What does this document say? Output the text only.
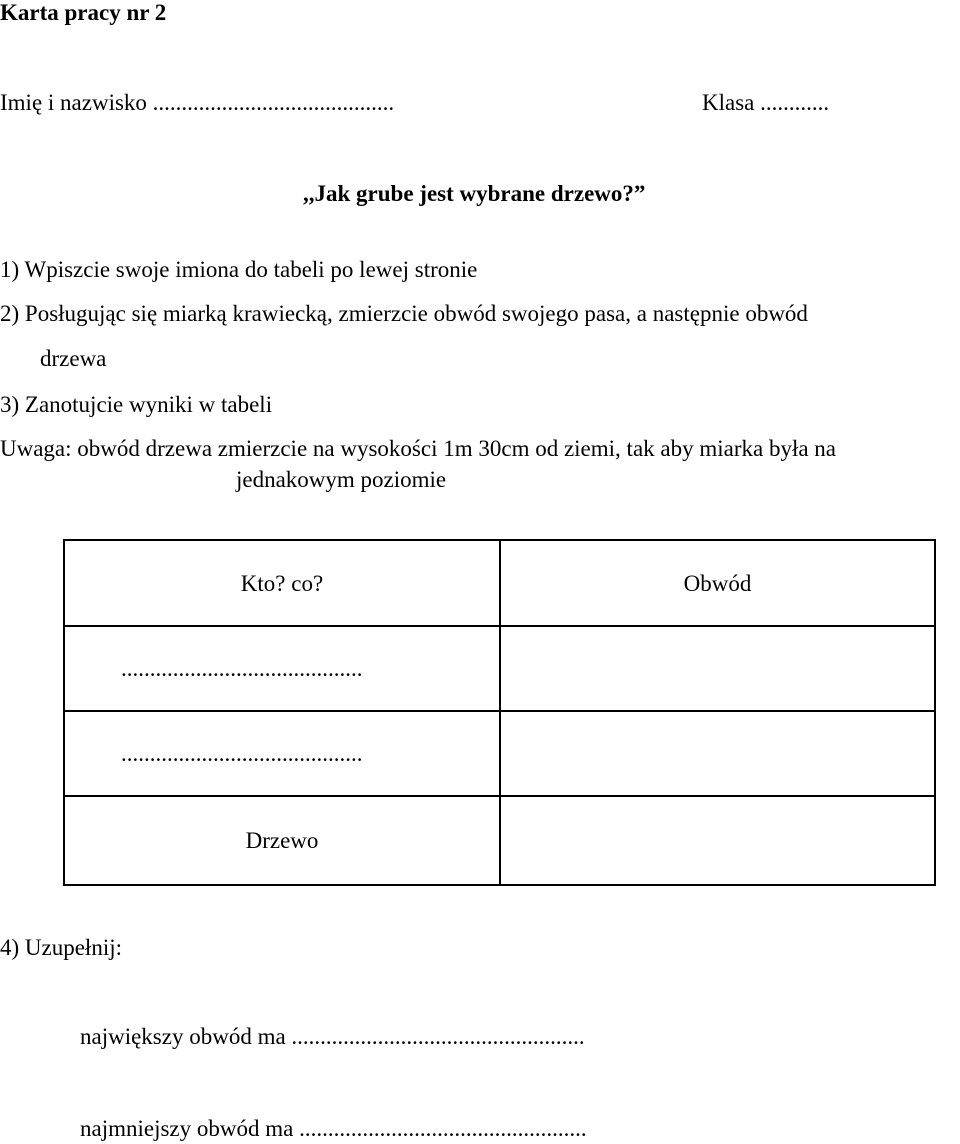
Karta pracy nr 2
Imię i nazwisko ..........................................	Klasa ............
,,Jak grube jest wybrane drzewo?”
1) Wpiszcie swoje imiona do tabeli po lewej stronie
2) Posługując się miarką krawiecką, zmierzcie obwód swojego pasa, a następnie obwód
drzewa
3) Zanotujcie wyniki w tabeli
Uwaga: obwód drzewa zmierzcie na wysokości 1m 30cm od ziemi, tak aby miarka była na
jednakowym poziomie
Kto? co?	Obwód
..........................................	
..........................................	
Drzewo	
4) Uzupełnij:
największy obwód ma ...................................................
najmniejszy obwód ma ..................................................
